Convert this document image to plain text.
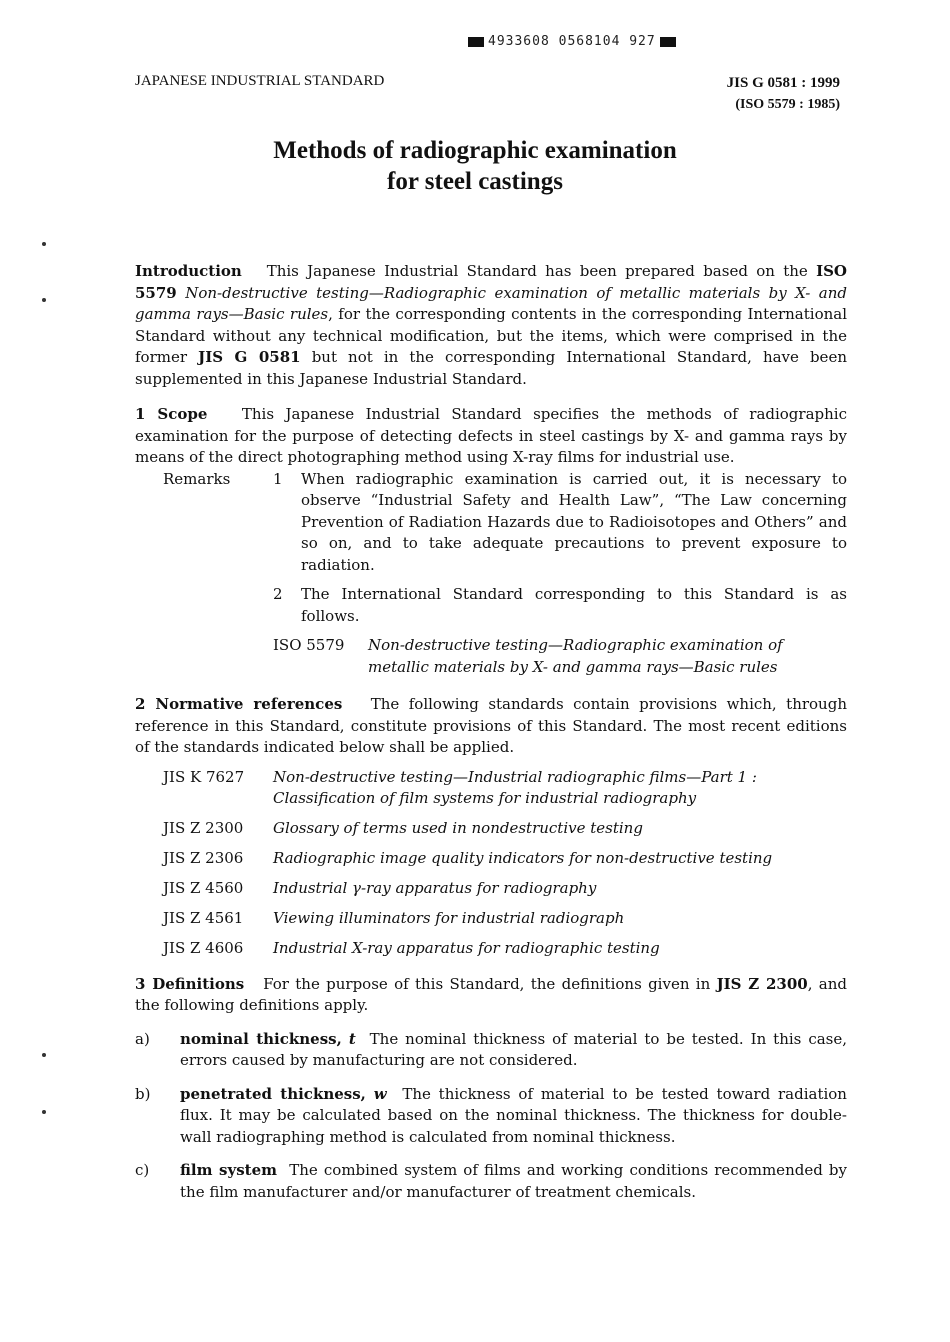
4933608 0568104 927
JAPANESE INDUSTRIAL STANDARD	JIS G 0581 : 1999
(ISO 5579 : 1985)
Methods of radiographic examination
for steel castings

Introduction This Japanese Industrial Standard has been prepared based on the ISO 5579 Non-destructive testing—Radiographic examination of metallic materials by X- and gamma rays—Basic rules, for the corresponding contents in the corresponding International Standard without any technical modification, but the items, which were comprised in the former JIS G 0581 but not in the corresponding International Standard, have been supplemented in this Japanese Industrial Standard.

1 Scope This Japanese Industrial Standard specifies the methods of radiographic examination for the purpose of detecting defects in steel castings by X- and gamma rays by means of the direct photographing method using X-ray films for industrial use.

Remarks	1	When radiographic examination is carried out, it is necessary to observe “Industrial Safety and Health Law”, “The Law concerning Prevention of Radiation Hazards due to Radioisotopes and Others” and so on, and to take adequate precautions to prevent exposure to radiation.
2	The International Standard corresponding to this Standard is as follows.
ISO 5579	Non-destructive testing—Radiographic examination of metallic materials by X- and gamma rays—Basic rules

2 Normative references The following standards contain provisions which, through reference in this Standard, constitute provisions of this Standard. The most recent editions of the standards indicated below shall be applied.

JIS K 7627	Non-destructive testing—Industrial radiographic films—Part 1 : Classification of film systems for industrial radiography
JIS Z 2300	Glossary of terms used in nondestructive testing
JIS Z 2306	Radiographic image quality indicators for non-destructive testing
JIS Z 4560	Industrial γ-ray apparatus for radiography
JIS Z 4561	Viewing illuminators for industrial radiograph
JIS Z 4606	Industrial X-ray apparatus for radiographic testing

3 Definitions For the purpose of this Standard, the definitions given in JIS Z 2300, and the following definitions apply.

a)	nominal thickness, t The nominal thickness of material to be tested. In this case, errors caused by manufacturing are not considered.
b)	penetrated thickness, w The thickness of material to be tested toward radiation flux. It may be calculated based on the nominal thickness. The thickness for double-wall radiographing method is calculated from nominal thickness.
c)	film system The combined system of films and working conditions recommended by the film manufacturer and/or manufacturer of treatment chemicals.
